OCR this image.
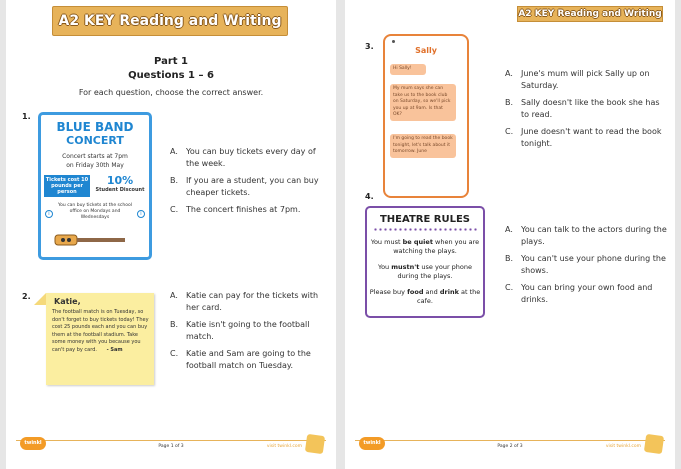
A2 KEY Reading and Writing
Part 1
Questions 1 – 6
For each question, choose the correct answer.
1.
BLUE BAND
CONCERT
Concert starts at 7pm
on Friday 30th May
Tickets cost 10 pounds per person
10%
Student Discount
i
You can buy tickets at the school office on Mondays and Wednesdays
i
A.	You can buy tickets every day of the week.
B. If you are a student, you can buy cheaper tickets.
C. The concert finishes at 7pm.
2.
Katie,
The football match is on Tuesday, so don't forget to buy tickets today! They cost 25 pounds each and you can buy them at the football stadium. Take some money with you because you can't pay by card. - Sam
A.	Katie can pay for the tickets with her card.
B. Katie isn't going to the football match.
C. Katie and Sam are going to the football match on Tuesday.
twinkl
Page 1 of 3	visit twinkl.com
A2 KEY Reading and Writing
3.	Sally
Hi Sally!
My mum says she can take us to the book club on Saturday, so we'll pick you up at 9am. Is that OK?
I'm going to read the book tonight, let's talk about it tomorrow. June
A.	June's mum will pick Sally up on Saturday.
B. Sally doesn't like the book she has to read.
C. June doesn't want to read the book tonight.
4.
THEATRE RULES
You must be quiet when you are watching the plays.
You mustn't use your phone during the plays.
Please buy food and drink at the cafe.
A.	You can talk to the actors during the plays.
B. You can't use your phone during the shows.
C. You can bring your own food and drinks.
twinkl
Page 2 of 3	visit twinkl.com
